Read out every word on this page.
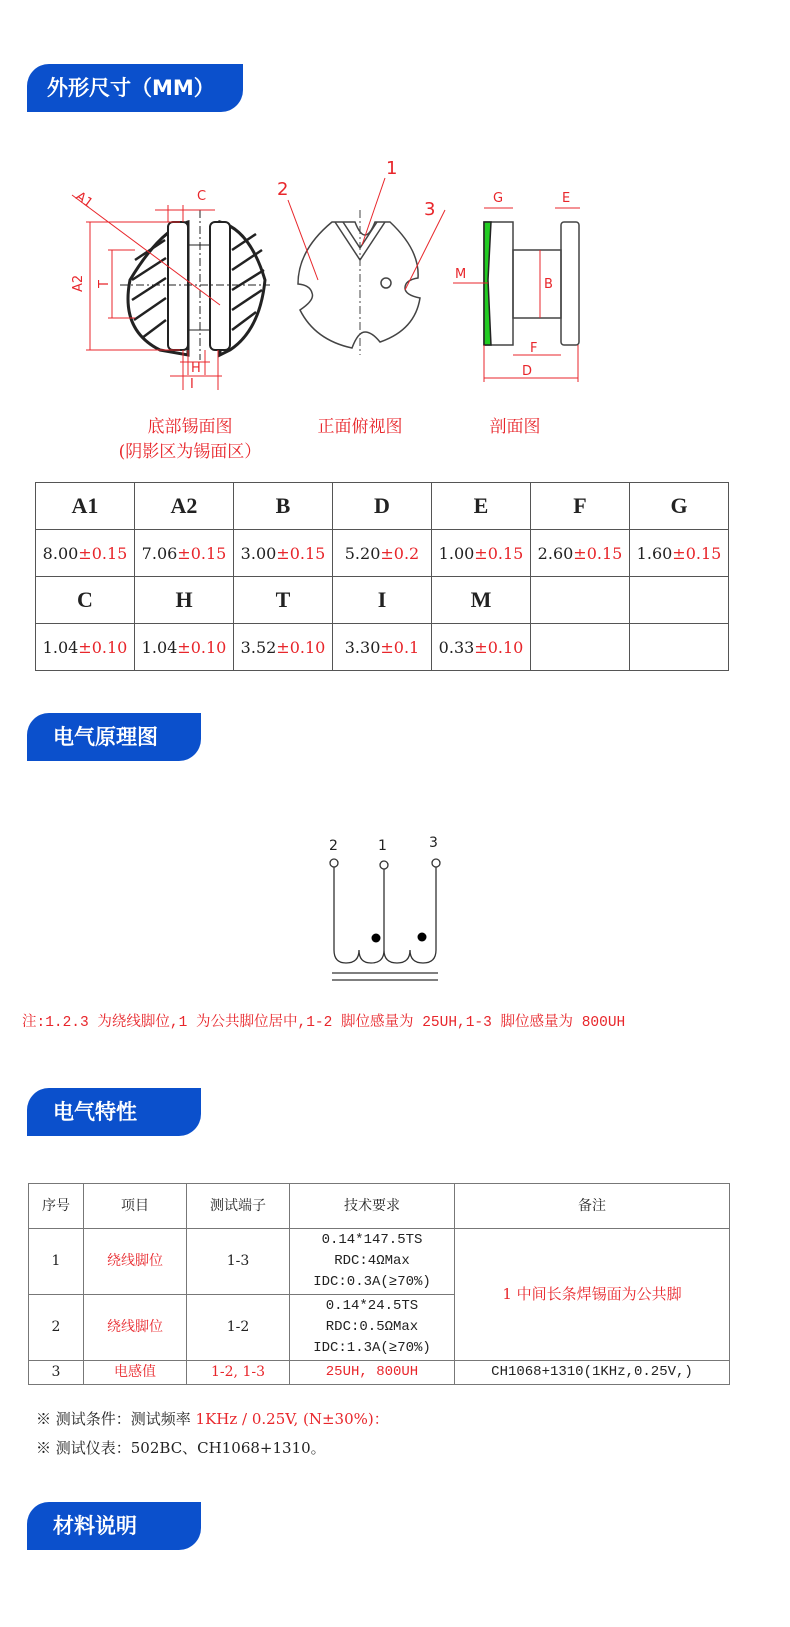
外形尺寸（MM）
A1
A2
C
T
H
I
1
2
3
G	E
M
B
F
D
底部锡面图
(阴影区为锡面区）
正面俯视图	剖面图
A1	A2	B	D	E	F	G
8.00±0.15	7.06±0.15	3.00±0.15	5.20±0.2	1.00±0.15	2.60±0.15	1.60±0.15
C	H	T	I	M		
1.04±0.10	1.04±0.10	3.52±0.10	3.30±0.1	0.33±0.10		
电气原理图
2	1	3
注:1.2.3 为绕线脚位,1 为公共脚位居中,1-2 脚位感量为 25UH,1-3 脚位感量为 800UH
电气特性
序号	项目	测试端子	技术要求	备注
1	绕线脚位	1-3	0.14*147.5TS
RDC:4ΩMax
IDC:0.3A(≥70%)	1 中间长条焊锡面为公共脚
2	绕线脚位	1-2	0.14*24.5TS
RDC:0.5ΩMax
IDC:1.3A(≥70%)	

3	电感值	1-2, 1-3	25UH, 800UH	CH1068+1310(1KHz,0.25V,)
※ 测试条件：测试频率 1KHz / 0.25V, (N±30%)：
※ 测试仪表：502BC、CH1068+1310。
材料说明
